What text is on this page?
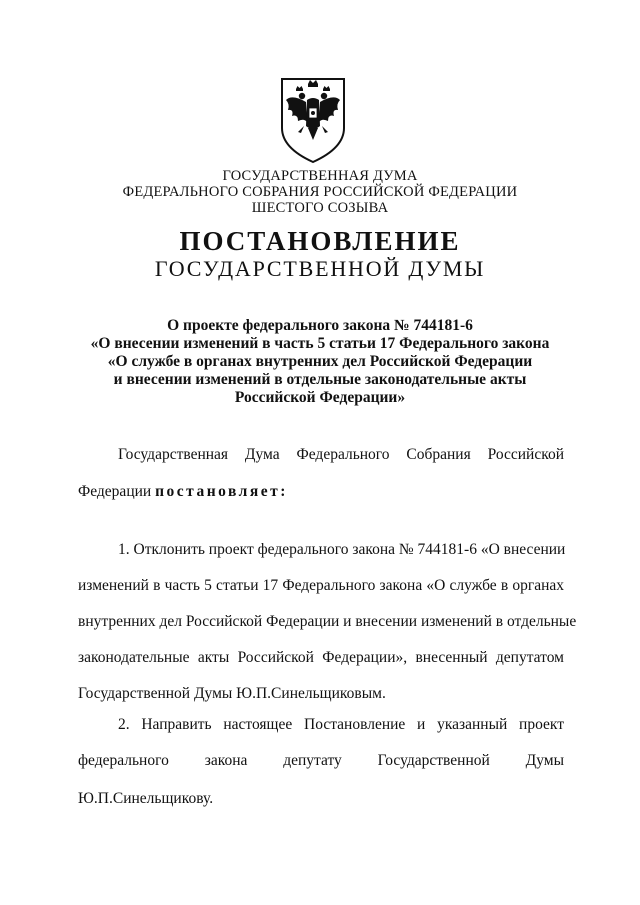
ГОСУДАРСТВЕННАЯ ДУМА
ФЕДЕРАЛЬНОГО СОБРАНИЯ РОССИЙСКОЙ ФЕДЕРАЦИИ
ШЕСТОГО СОЗЫВА
ПОСТАНОВЛЕНИЕ
ГОСУДАРСТВЕННОЙ ДУМЫ
О проекте федерального закона № 744181-6
«О внесении изменений в часть 5 статьи 17 Федерального закона
«О службе в органах внутренних дел Российской Федерации
и внесении изменений в отдельные законодательные акты
Российской Федерации»
Государственная Дума Федерального Собрания Российской
Федерации постановляет:
1. Отклонить проект федерального закона № 744181-6 «О внесении
изменений в часть 5 статьи 17 Федерального закона «О службе в органах
внутренних дел Российской Федерации и внесении изменений в отдельные
законодательные акты Российской Федерации», внесенный депутатом
Государственной Думы Ю.П.Синельщиковым.
2. Направить настоящее Постановление и указанный проект
федерального закона депутату Государственной Думы
Ю.П.Синельщикову.
